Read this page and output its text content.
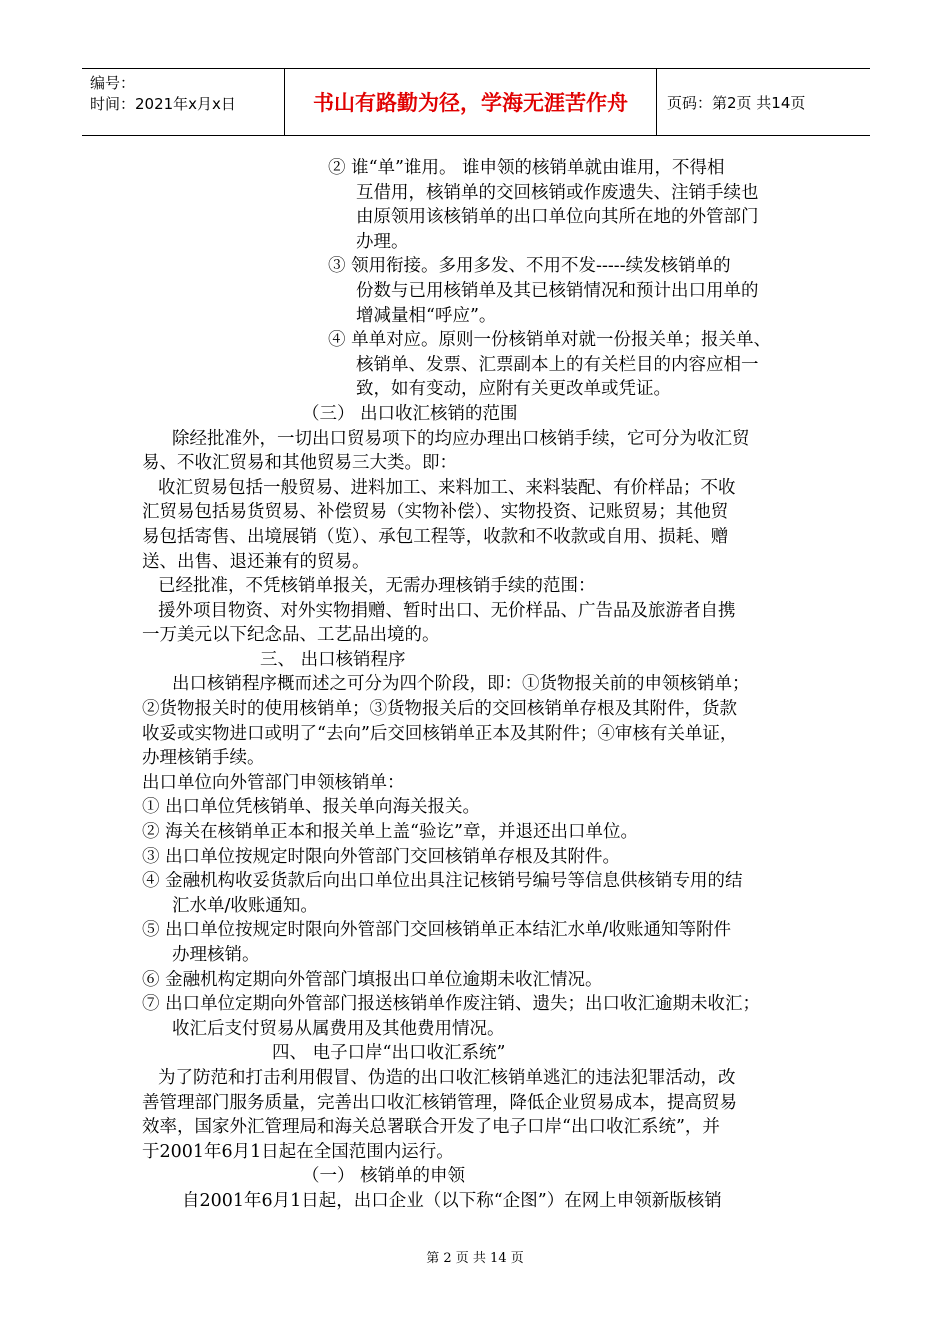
编号：
时间：2021年x月x日	书山有路勤为径，学海无涯苦作舟	页码：第2页 共14页
② 谁“单”谁用。 谁申领的核销单就由谁用，不得相
互借用，核销单的交回核销或作废遗失、注销手续也
由原领用该核销单的出口单位向其所在地的外管部门
办理。
③ 领用衔接。多用多发、不用不发-----续发核销单的
份数与已用核销单及其已核销情况和预计出口用单的
增减量相“呼应”。
④ 单单对应。原则一份核销单对就一份报关单；报关单、
核销单、发票、汇票副本上的有关栏目的内容应相一
致，如有变动，应附有关更改单或凭证。
（三） 出口收汇核销的范围
除经批准外，一切出口贸易项下的均应办理出口核销手续，它可分为收汇贸
易、不收汇贸易和其他贸易三大类。即：
收汇贸易包括一般贸易、进料加工、来料加工、来料装配、有价样品；不收
汇贸易包括易货贸易、补偿贸易（实物补偿）、实物投资、记账贸易；其他贸
易包括寄售、出境展销（览）、承包工程等，收款和不收款或自用、损耗、赠
送、出售、退还兼有的贸易。
已经批准，不凭核销单报关，无需办理核销手续的范围：
援外项目物资、对外实物捐赠、暂时出口、无价样品、广告品及旅游者自携
一万美元以下纪念品、工艺品出境的。
三、 出口核销程序
出口核销程序概而述之可分为四个阶段，即：①货物报关前的申领核销单；
②货物报关时的使用核销单；③货物报关后的交回核销单存根及其附件，货款
收妥或实物进口或明了“去向”后交回核销单正本及其附件；④审核有关单证，
办理核销手续。
出口单位向外管部门申领核销单：
① 出口单位凭核销单、报关单向海关报关。
② 海关在核销单正本和报关单上盖“验讫”章，并退还出口单位。
③ 出口单位按规定时限向外管部门交回核销单存根及其附件。
④ 金融机构收妥货款后向出口单位出具注记核销号编号等信息供核销专用的结
汇水单/收账通知。
⑤ 出口单位按规定时限向外管部门交回核销单正本结汇水单/收账通知等附件
办理核销。
⑥ 金融机构定期向外管部门填报出口单位逾期未收汇情况。
⑦ 出口单位定期向外管部门报送核销单作废注销、遗失；出口收汇逾期未收汇；
收汇后支付贸易从属费用及其他费用情况。
四、 电子口岸“出口收汇系统”
为了防范和打击利用假冒、伪造的出口收汇核销单逃汇的违法犯罪活动，改
善管理部门服务质量，完善出口收汇核销管理，降低企业贸易成本，提高贸易
效率，国家外汇管理局和海关总署联合开发了电子口岸“出口收汇系统”，并
于2001年6月1日起在全国范围内运行。
（一） 核销单的申领
自2001年6月1日起，出口企业（以下称“企图”）在网上申领新版核销
第 2 页 共 14 页
